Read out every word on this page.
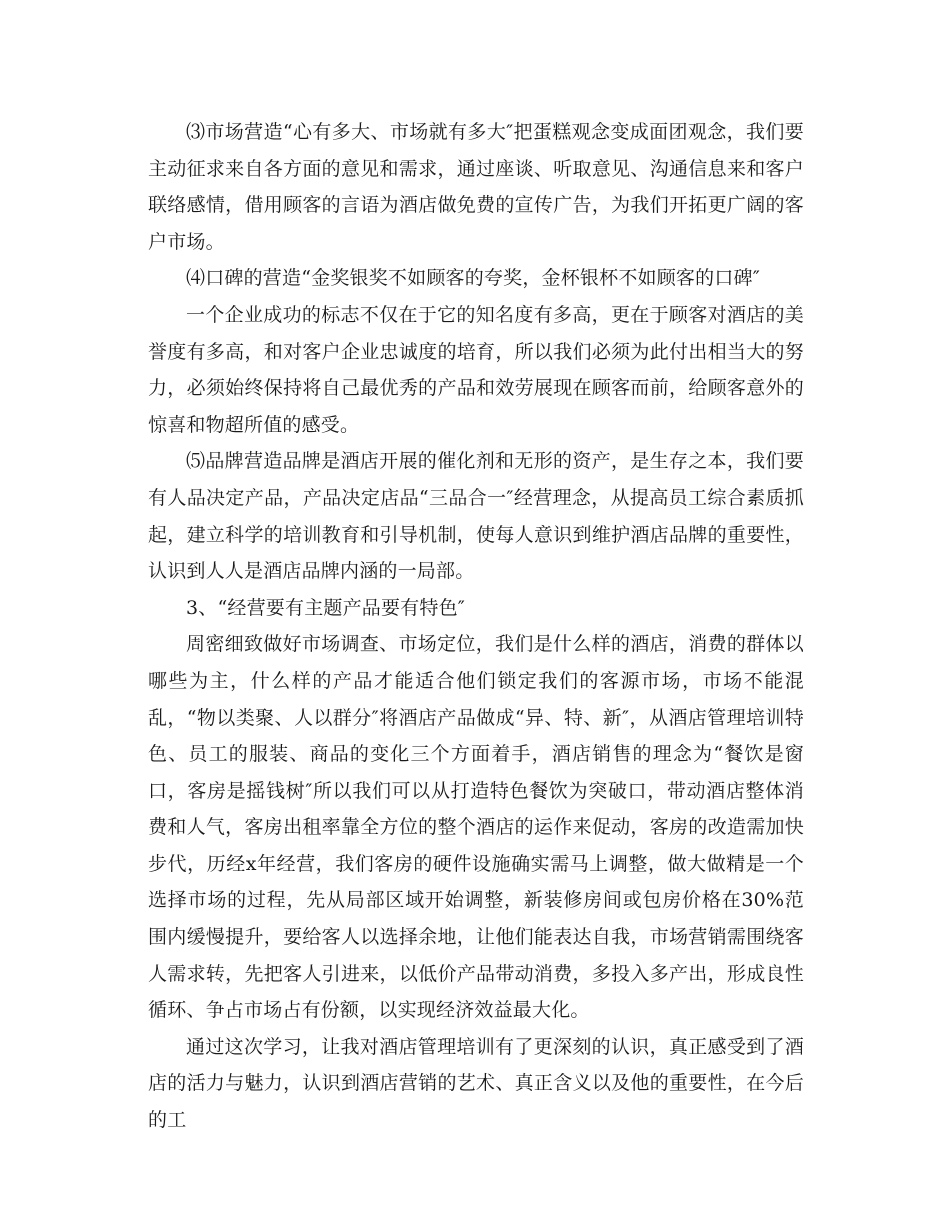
⑶市场营造“心有多大、市场就有多大″把蛋糕观念变成面团观念，我们要主动征求来自各方面的意见和需求，通过座谈、听取意见、沟通信息来和客户联络感情，借用顾客的言语为酒店做免费的宣传广告，为我们开拓更广阔的客户市场。

⑷口碑的营造“金奖银奖不如顾客的夸奖，金杯银杯不如顾客的口碑″

一个企业成功的标志不仅在于它的知名度有多高，更在于顾客对酒店的美誉度有多高，和对客户企业忠诚度的培育，所以我们必须为此付出相当大的努力，必须始终保持将自己最优秀的产品和效劳展现在顾客而前，给顾客意外的惊喜和物超所值的感受。

⑸品牌营造品牌是酒店开展的催化剂和无形的资产，是生存之本，我们要有人品决定产品，产品决定店品“三品合一″经营理念，从提高员工综合素质抓起，建立科学的培训教育和引导机制，使每人意识到维护酒店品牌的重要性，认识到人人是酒店品牌内涵的一局部。

3、“经营要有主题产品要有特色″

周密细致做好市场调查、市场定位，我们是什么样的酒店，消费的群体以哪些为主，什么样的产品才能适合他们锁定我们的客源市场，市场不能混乱，“物以类聚、人以群分″将酒店产品做成“异、特、新″，从酒店管理培训特色、员工的服装、商品的变化三个方面着手，酒店销售的理念为“餐饮是窗口，客房是摇钱树″所以我们可以从打造特色餐饮为突破口，带动酒店整体消费和人气，客房出租率靠全方位的整个酒店的运作来促动，客房的改造需加快步代，历经x年经营，我们客房的硬件设施确实需马上调整，做大做精是一个选择市场的过程，先从局部区域开始调整，新装修房间或包房价格在30%范围内缓慢提升，要给客人以选择余地，让他们能表达自我，市场营销需围绕客人需求转，先把客人引进来，以低价产品带动消费，多投入多产出，形成良性循环、争占市场占有份额，以实现经济效益最大化。

通过这次学习，让我对酒店管理培训有了更深刻的认识，真正感受到了酒店的活力与魅力，认识到酒店营销的艺术、真正含义以及他的重要性，在今后的工
